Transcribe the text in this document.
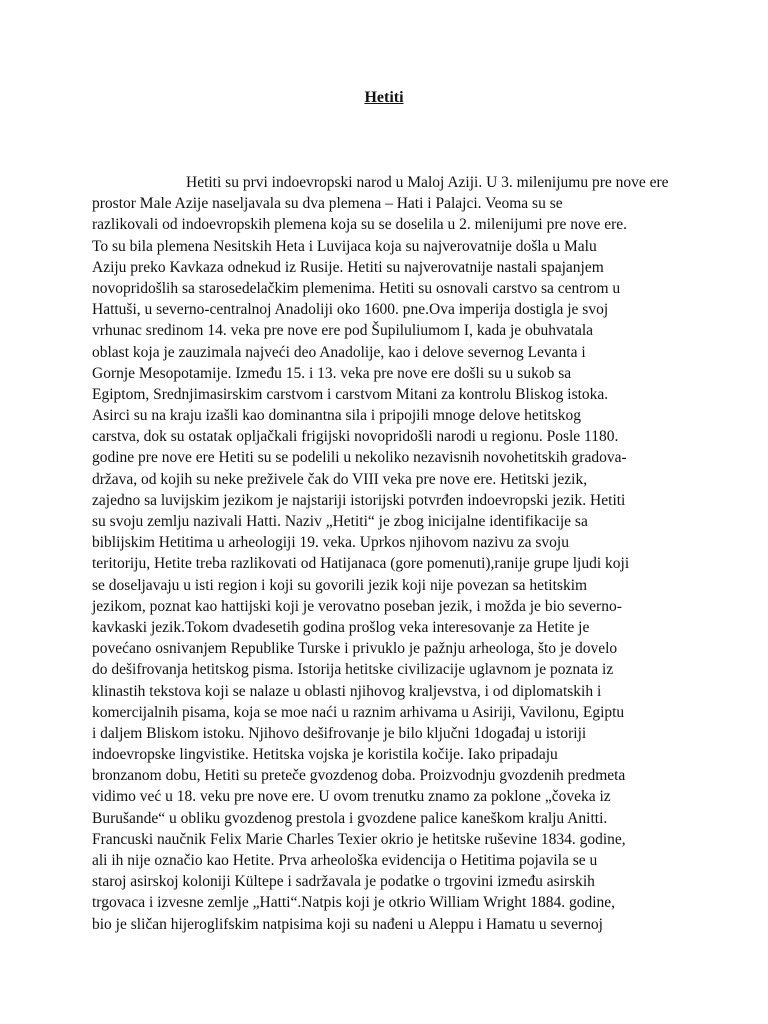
Hetiti
Hetiti su prvi indoevropski narod u Maloj Aziji. U 3. milenijumu pre nove ere
prostor Male Azije naseljavala su dva plemena – Hati i Palajci. Veoma su se
razlikovali od indoevropskih plemena koja su se doselila u 2. milenijumi pre nove ere.
To su bila plemena Nesitskih Heta i Luvijaca koja su najverovatnije došla u Malu
Aziju preko Kavkaza odnekud iz Rusije. Hetiti su najverovatnije nastali spajanjem
novopridošlih sa starosedelačkim plemenima. Hetiti su osnovali carstvo sa centrom u
Hattuši, u severno-centralnoj Anadoliji oko 1600. pne.Ova imperija dostigla je svoj
vrhunac sredinom 14. veka pre nove ere pod Šupiluliumom I, kada je obuhvatala
oblast koja je zauzimala najveći deo Anadolije, kao i delove severnog Levanta i
Gornje Mesopotamije. Između 15. i 13. veka pre nove ere došli su u sukob sa
Egiptom, Srednjimasirskim carstvom i carstvom Mitani za kontrolu Bliskog istoka.
Asirci su na kraju izašli kao dominantna sila i pripojili mnoge delove hetitskog
carstva, dok su ostatak opljačkali frigijski novopridošli narodi u regionu. Posle 1180.
godine pre nove ere Hetiti su se podelili u nekoliko nezavisnih novohetitskih gradova-
država, od kojih su neke preživele čak do VIII veka pre nove ere. Hetitski jezik,
zajedno sa luvijskim jezikom je najstariji istorijski potvrđen indoevropski jezik. Hetiti
su svoju zemlju nazivali Hatti. Naziv „Hetiti“ je zbog inicijalne identifikacije sa
biblijskim Hetitima u arheologiji 19. veka. Uprkos njihovom nazivu za svoju
teritoriju, Hetite treba razlikovati od Hatijanaca (gore pomenuti),ranije grupe ljudi koji
se doseljavaju u isti region i koji su govorili jezik koji nije povezan sa hetitskim
jezikom, poznat kao hattijski koji je verovatno poseban jezik, i možda je bio severno-
kavkaski jezik.Tokom dvadesetih godina prošlog veka interesovanje za Hetite je
povećano osnivanjem Republike Turske i privuklo je pažnju arheologa, što je dovelo
do dešifrovanja hetitskog pisma. Istorija hetitske civilizacije uglavnom je poznata iz
klinastih tekstova koji se nalaze u oblasti njihovog kraljevstva, i od diplomatskih i
komercijalnih pisama, koja se moe naći u raznim arhivama u Asiriji, Vavilonu, Egiptu
i daljem Bliskom istoku. Njihovo dešifrovanje je bilo ključni 1događaj u istoriji
indoevropske lingvistike. Hetitska vojska je koristila kočije. Iako pripadaju
bronzanom dobu, Hetiti su preteče gvozdenog doba. Proizvodnju gvozdenih predmeta
vidimo već u 18. veku pre nove ere. U ovom trenutku znamo za poklone „čoveka iz
Burušande“ u obliku gvozdenog prestola i gvozdene palice kaneškom kralju Anitti.
Francuski naučnik Felix Marie Charles Texier okrio je hetitske ruševine 1834. godine,
ali ih nije označio kao Hetite. Prva arheološka evidencija o Hetitima pojavila se u
staroj asirskoj koloniji Kültepe i sadržavala je podatke o trgovini između asirskih
trgovaca i izvesne zemlje „Hatti“.Natpis koji je otkrio William Wright 1884. godine,
bio je sličan hijeroglifskim natpisima koji su nađeni u Aleppu i Hamatu u severnoj
